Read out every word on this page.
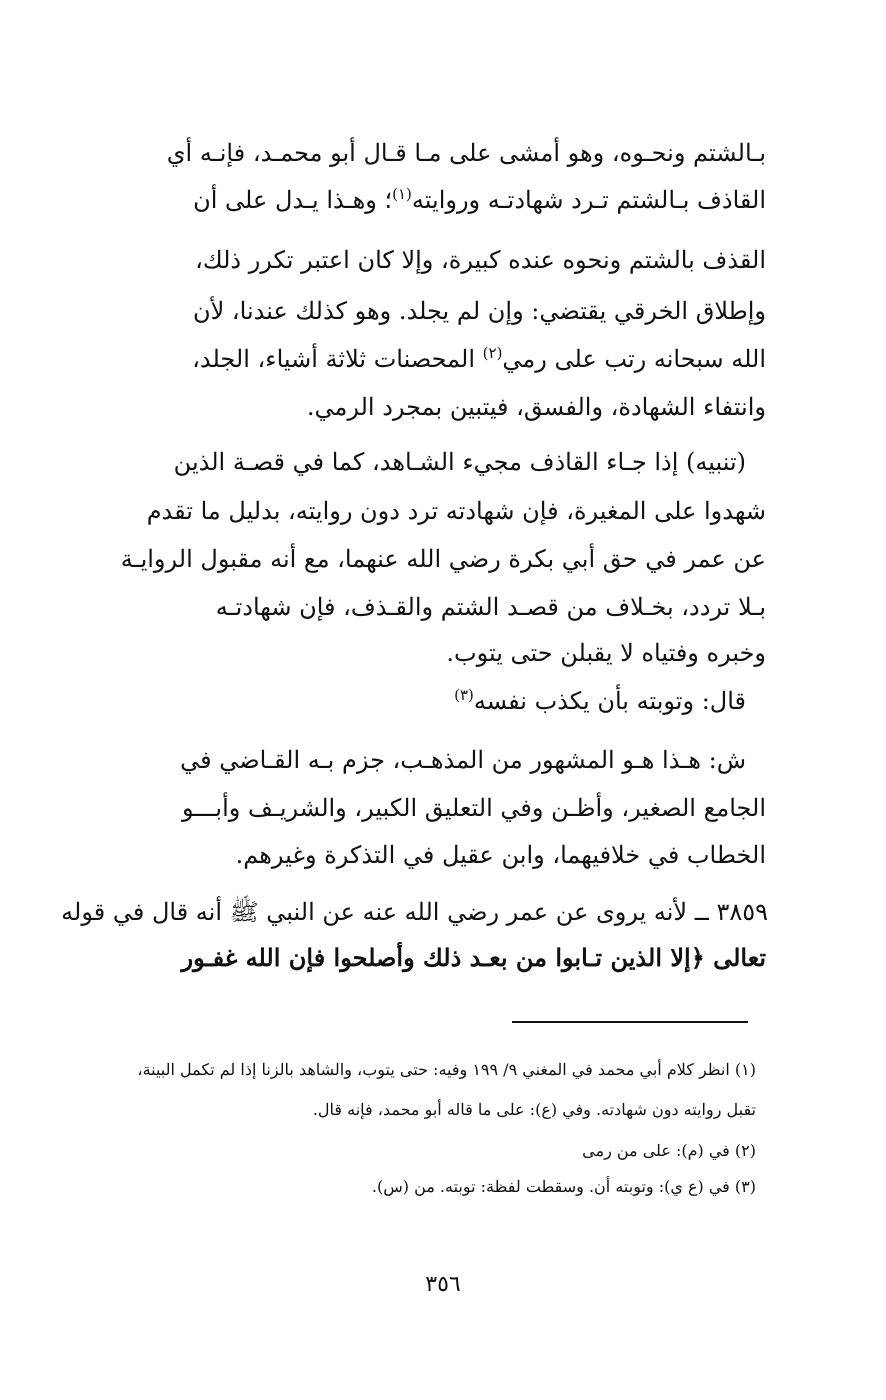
بـالشتم ونحـوه، وهو أمشى على مـا قـال أبو محمـد، فإنـه أي
القاذف بـالشتم تـرد شهادتـه وروايته$^{(١)}$؛ وهـذا يـدل على أن
القذف بالشتم ونحوه عنده كبيرة، وإلا كان اعتبر تكرر ذلك،
وإطلاق الخرقي يقتضي: وإن لم يجلد. وهو كذلك عندنا، لأن
الله سبحانه رتب على رمي$^{(٢)}$ المحصنات ثلاثة أشياء، الجلد،
وانتفاء الشهادة، والفسق، فيتبين بمجرد الرمي.
(تنبيه) إذا جـاء القاذف مجيء الشـاهد، كما في قصـة الذين
شهدوا على المغيرة، فإن شهادته ترد دون روايته، بدليل ما تقدم
عن عمر في حق أبي بكرة رضي الله عنهما، مع أنه مقبول الروايـة
بـلا تردد، بخـلاف من قصـد الشتم والقـذف، فإن شهادتـه
وخبره وفتياه لا يقبلن حتى يتوب.
قال: وتوبته بأن يكذب نفسه$^{(٣)}$
ش: هـذا هـو المشهور من المذهـب، جزم بـه القـاضي في
الجامع الصغير، وأظـن وفي التعليق الكبير، والشريـف وأبـــو
الخطاب في خلافيهما، وابن عقيل في التذكرة وغيرهم.
٣٨٥٩ ــ لأنه يروى عن عمر رضي الله عنه عن النبي ﷺ أنه قال في قوله
تعالى ﴿إلا الذين تـابوا من بعـد ذلك وأصلحوا فإن الله غفـور
(١) انظر كلام أبي محمد في المغني ٩/ ١٩٩ وفيه: حتى يتوب، والشاهد بالزنا إذا لم تكمل البينة،
تقبل روايته دون شهادته. وفي (ع): على ما قاله أبو محمد، فإنه قال.
(٢) في (م): على من رمى
(٣) في (ع ي): وتوبته أن. وسقطت لفظة: توبته. من (س).
٣٥٦
